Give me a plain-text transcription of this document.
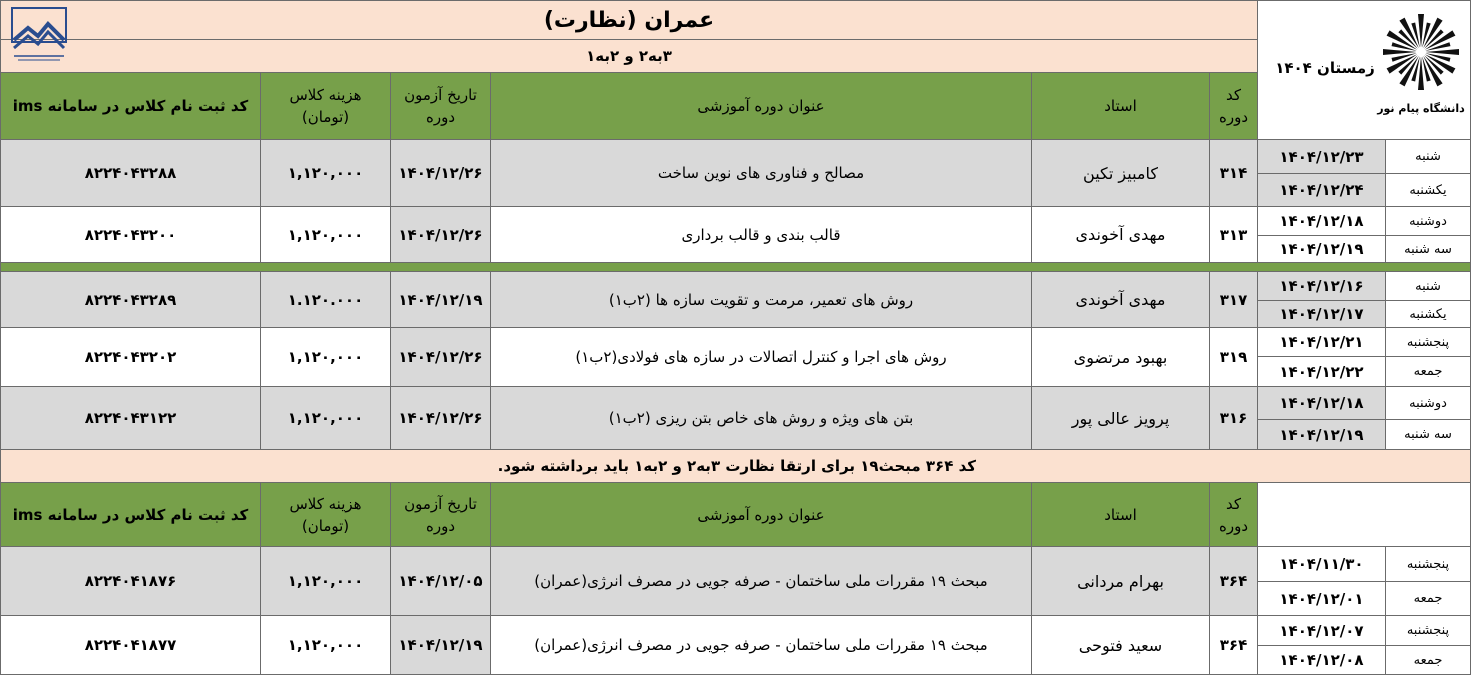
عمران (نظارت)
۳به۲ و ۲به۱
دانشگاه پیام نور
زمستان ۱۴۰۴
کد
دوره
استاد
عنوان دوره آموزشی
تاریخ آزمون
دوره
هزینه کلاس
(تومان)
کد ثبت نام کلاس در سامانه ims
شنبه
۱۴۰۴/۱۲/۲۳
یکشنبه
۱۴۰۴/۱۲/۲۴
۳۱۴
کامبیز تکین
مصالح و فناوری های نوین ساخت
۱۴۰۴/۱۲/۲۶
۱,۱۲۰,۰۰۰
۸۲۲۴۰۴۳۲۸۸
دوشنبه
۱۴۰۴/۱۲/۱۸
سه شنبه
۱۴۰۴/۱۲/۱۹
۳۱۳
مهدی آخوندی
قالب بندی و قالب برداری
۱۴۰۴/۱۲/۲۶
۱,۱۲۰,۰۰۰
۸۲۲۴۰۴۳۲۰۰
شنبه
۱۴۰۴/۱۲/۱۶
یکشنبه
۱۴۰۴/۱۲/۱۷
۳۱۷
مهدی آخوندی
روش های تعمیر، مرمت و تقویت سازه ها (۲ب۱)
۱۴۰۴/۱۲/۱۹
۱.۱۲۰.۰۰۰
۸۲۲۴۰۴۳۲۸۹
پنجشنبه
۱۴۰۴/۱۲/۲۱
جمعه
۱۴۰۴/۱۲/۲۲
۳۱۹
بهبود مرتضوی
روش های اجرا و کنترل اتصالات در سازه های فولادی(۲ب۱)
۱۴۰۴/۱۲/۲۶
۱,۱۲۰,۰۰۰
۸۲۲۴۰۴۳۲۰۲
دوشنبه
۱۴۰۴/۱۲/۱۸
سه شنبه
۱۴۰۴/۱۲/۱۹
۳۱۶
پرویز عالی پور
بتن های ویژه و روش های خاص بتن ریزی (۲ب۱)
۱۴۰۴/۱۲/۲۶
۱,۱۲۰,۰۰۰
۸۲۲۴۰۴۳۱۲۲
کد ۳۶۴ مبحث۱۹ برای ارتقا نظارت ۳به۲ و ۲به۱ باید برداشته شود.
کد
دوره
استاد
عنوان دوره آموزشی
تاریخ آزمون
دوره
هزینه کلاس
(تومان)
کد ثبت نام کلاس در سامانه ims
پنجشنبه
۱۴۰۴/۱۱/۳۰
جمعه
۱۴۰۴/۱۲/۰۱
۳۶۴
بهرام مردانی
مبحث ۱۹ مقررات ملی ساختمان - صرفه جویی در مصرف انرژی(عمران)
۱۴۰۴/۱۲/۰۵
۱,۱۲۰,۰۰۰
۸۲۲۴۰۴۱۸۷۶
پنجشنبه
۱۴۰۴/۱۲/۰۷
جمعه
۱۴۰۴/۱۲/۰۸
۳۶۴
سعید فتوحی
مبحث ۱۹ مقررات ملی ساختمان - صرفه جویی در مصرف انرژی(عمران)
۱۴۰۴/۱۲/۱۹
۱,۱۲۰,۰۰۰
۸۲۲۴۰۴۱۸۷۷
